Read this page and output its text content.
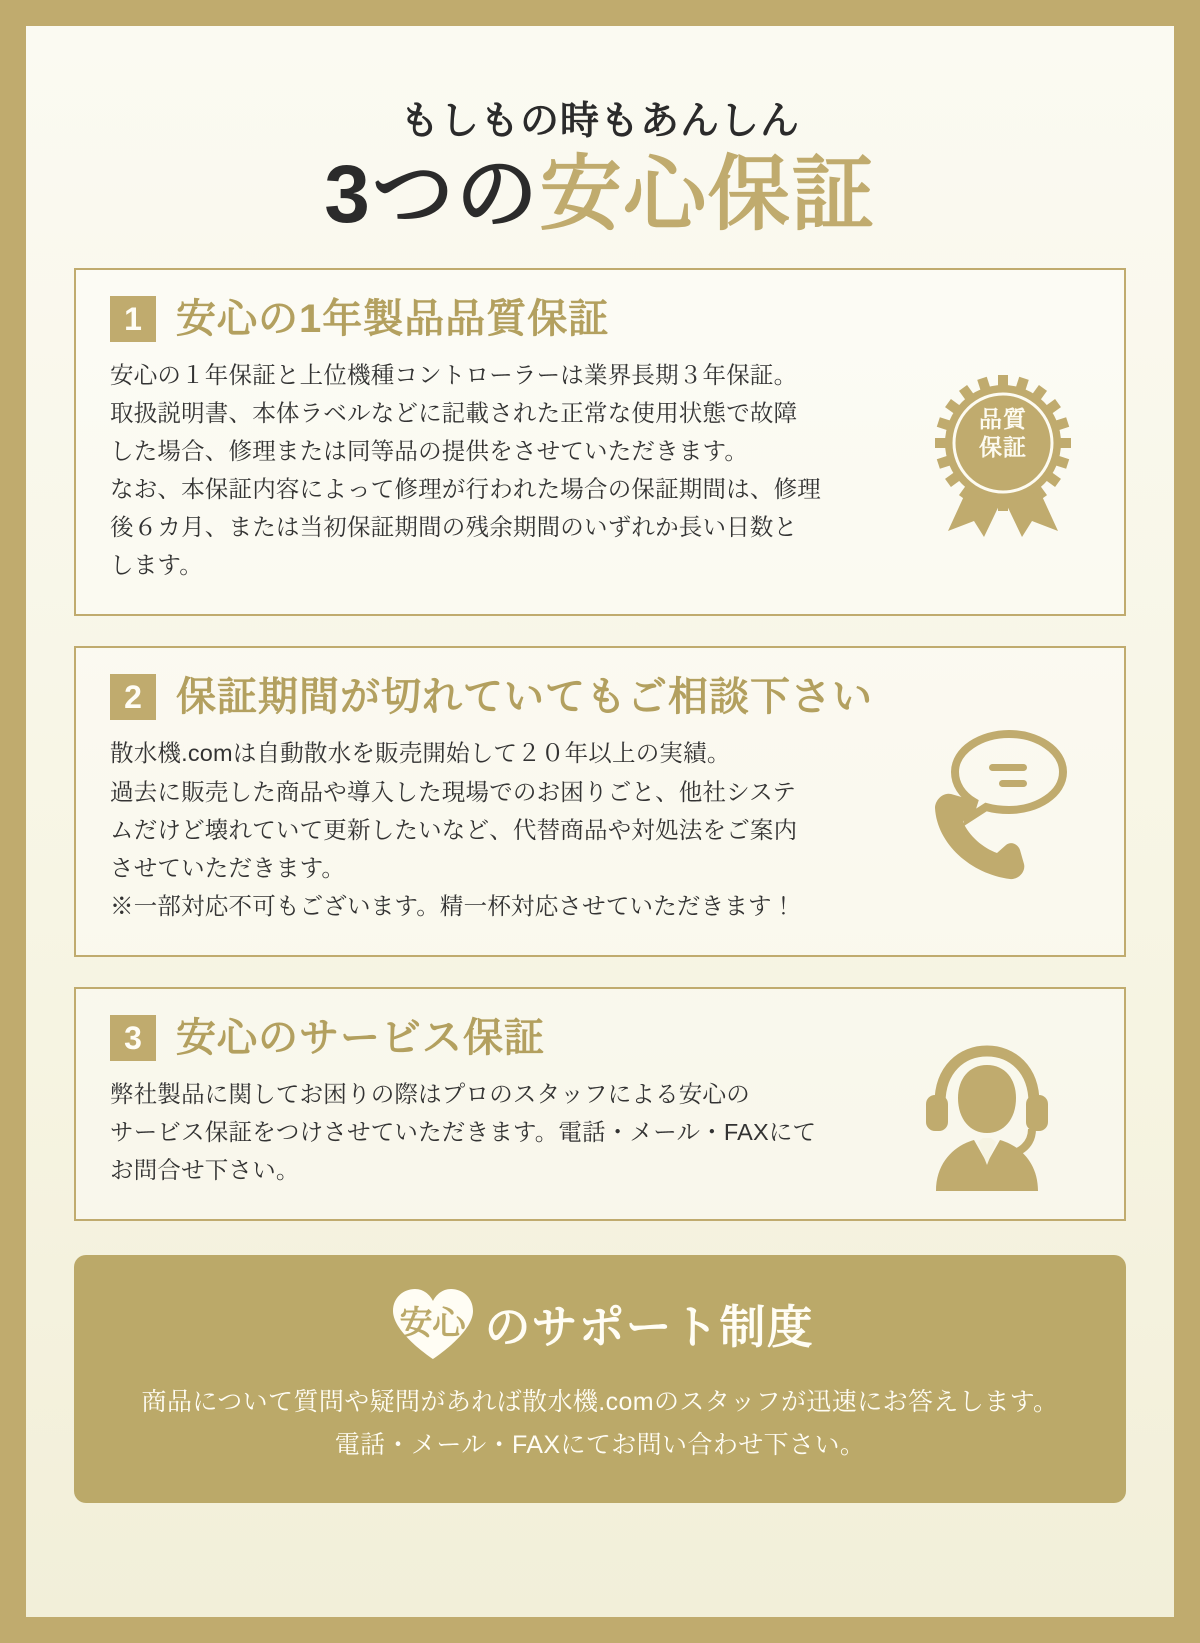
もしもの時もあんしん
3つの安心保証
1 安心の1年製品品質保証

安心の１年保証と上位機種コントローラーは業界長期３年保証。

取扱説明書、本体ラベルなどに記載された正常な使用状態で故障

した場合、修理または同等品の提供をさせていただきます。

なお、本保証内容によって修理が行われた場合の保証期間は、修理

後６カ月、または当初保証期間の残余期間のいずれか長い日数と

します。

品質
保証
2 保証期間が切れていてもご相談下さい

散水機.comは自動散水を販売開始して２０年以上の実績。

過去に販売した商品や導入した現場でのお困りごと、他社システ

ムだけど壊れていて更新したいなど、代替商品や対処法をご案内

させていただきます。

※一部対応不可もございます。精一杯対応させていただきます！

3 安心のサービス保証

弊社製品に関してお困りの際はプロのスタッフによる安心の

サービス保証をつけさせていただきます。電話・メール・FAXにて

お問合せ下さい。

安心 のサポート制度
商品について質問や疑問があれば散水機.comのスタッフが迅速にお答えします。
電話・メール・FAXにてお問い合わせ下さい。
